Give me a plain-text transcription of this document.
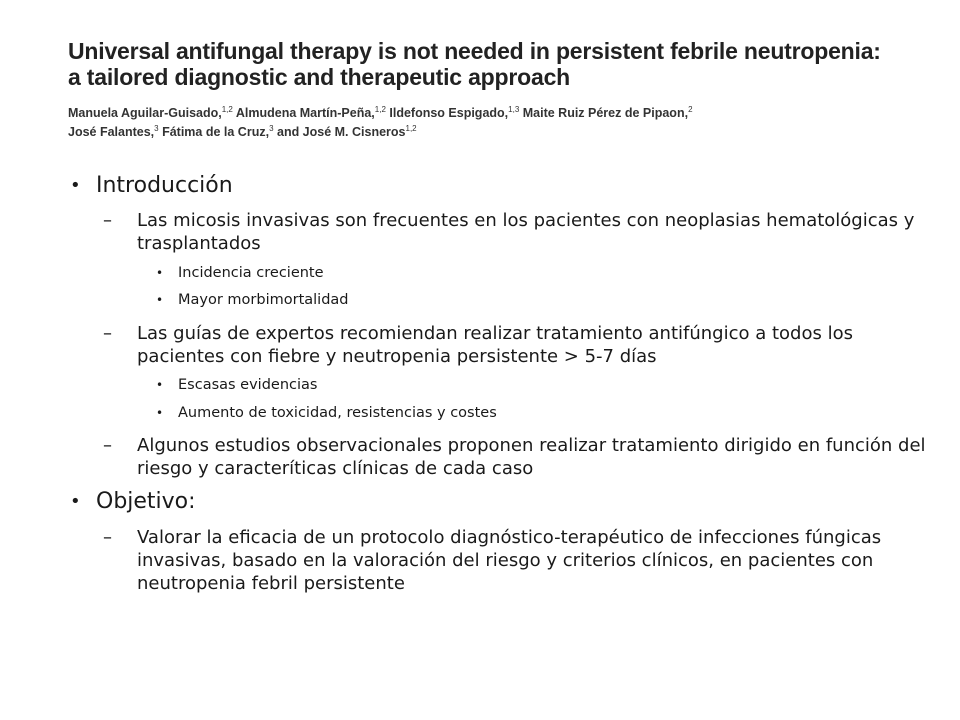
Universal antifungal therapy is not needed in persistent febrile neutropenia:
a tailored diagnostic and therapeutic approach
Manuela Aguilar-Guisado,$^{1,2}$ Almudena Martín-Peña,$^{1,2}$ Ildefonso Espigado,$^{1,3}$ Maite Ruiz Pérez de Pipaon,$^2$
José Falantes,$^3$ Fátima de la Cruz,$^3$ and José M. Cisneros$^{1,2}$
• Introducción
– Las micosis invasivas son frecuentes en los pacientes con neoplasias hematológicas y trasplantados
• Incidencia creciente
• Mayor morbimortalidad
– Las guías de expertos recomiendan realizar tratamiento antifúngico a todos los pacientes con fiebre y neutropenia persistente > 5-7 días
• Escasas evidencias
• Aumento de toxicidad, resistencias y costes
– Algunos estudios observacionales proponen realizar tratamiento dirigido en función del riesgo y caracteríticas clínicas de cada caso
• Objetivo:
– Valorar la eficacia de un protocolo diagnóstico-terapéutico de infecciones fúngicas invasivas, basado en la valoración del riesgo y criterios clínicos, en pacientes con neutropenia febril persistente
